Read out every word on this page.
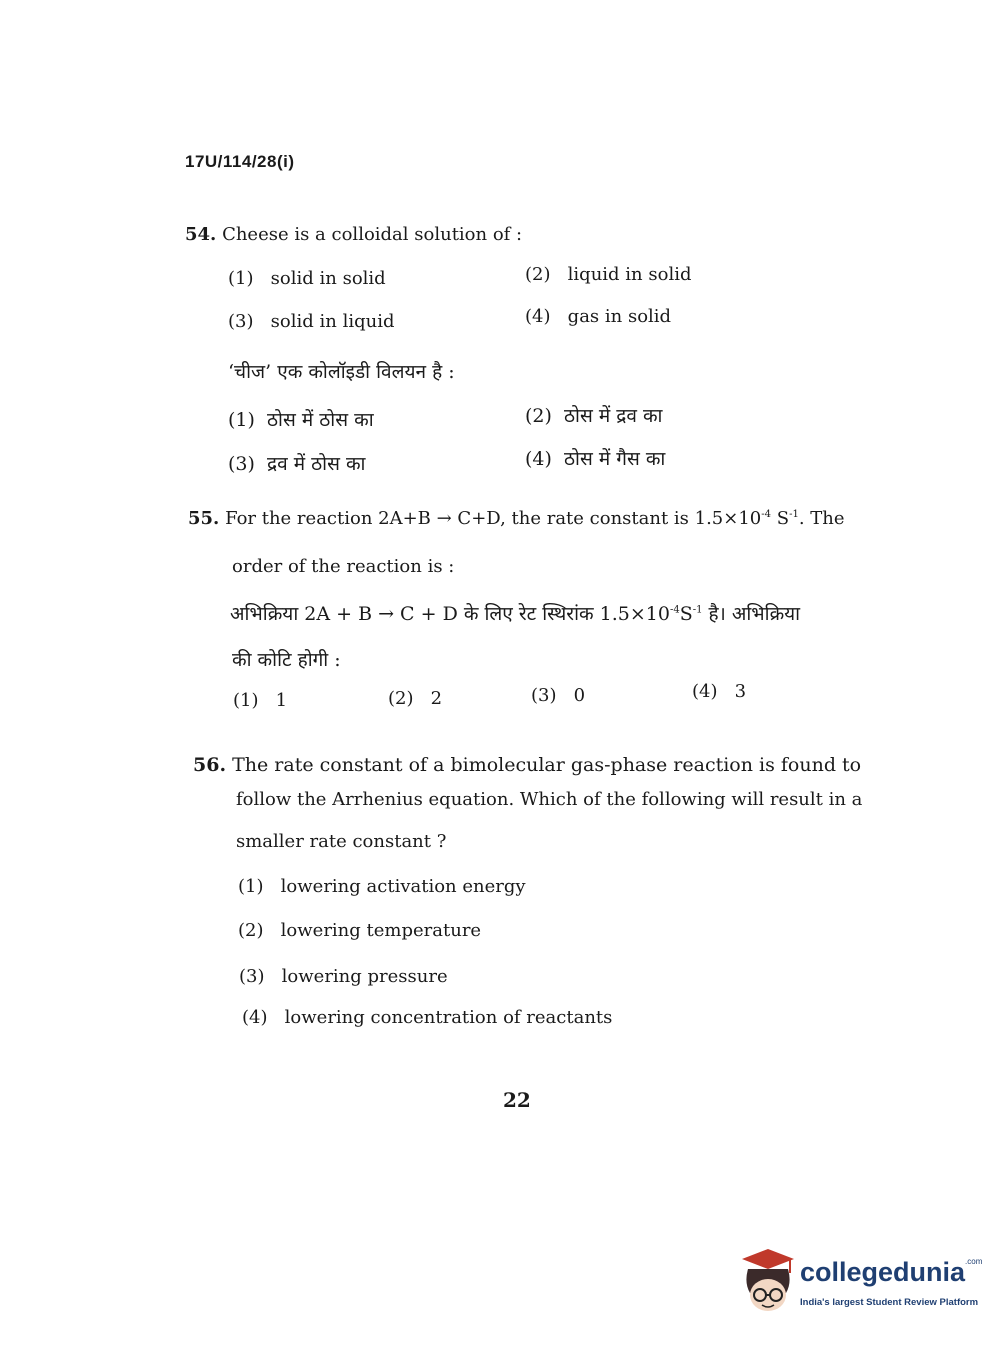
17U/114/28(i)
54. Cheese is a colloidal solution of :
(1) solid in solid	(2) liquid in solid
(3) solid in liquid	(4) gas in solid
‘चीज’ एक कोलॉइडी विलयन है :
(1) ठोस में ठोस का	(2) ठोस में द्रव का
(3) द्रव में ठोस का	(4) ठोस में गैस का
55. For the reaction 2A+B → C+D, the rate constant is $1.5\times 10^{-4}$ $S^{-1}$. The
order of the reaction is :
अभिक्रिया 2A + B → C + D के लिए रेट स्थिरांक $1.5\times 10^{-4}S^{-1}$ है। अभिक्रिया
की कोटि होगी :
(1) 1	(2) 2	(3) 0	(4) 3
56. The rate constant of a bimolecular gas-phase reaction is found to
follow the Arrhenius equation. Which of the following will result in a
smaller rate constant ?
(1) lowering activation energy
(2) lowering temperature
(3) lowering pressure
(4) lowering concentration of reactants
22
collegedunia$^{.com}$
India's largest Student Review Platform
